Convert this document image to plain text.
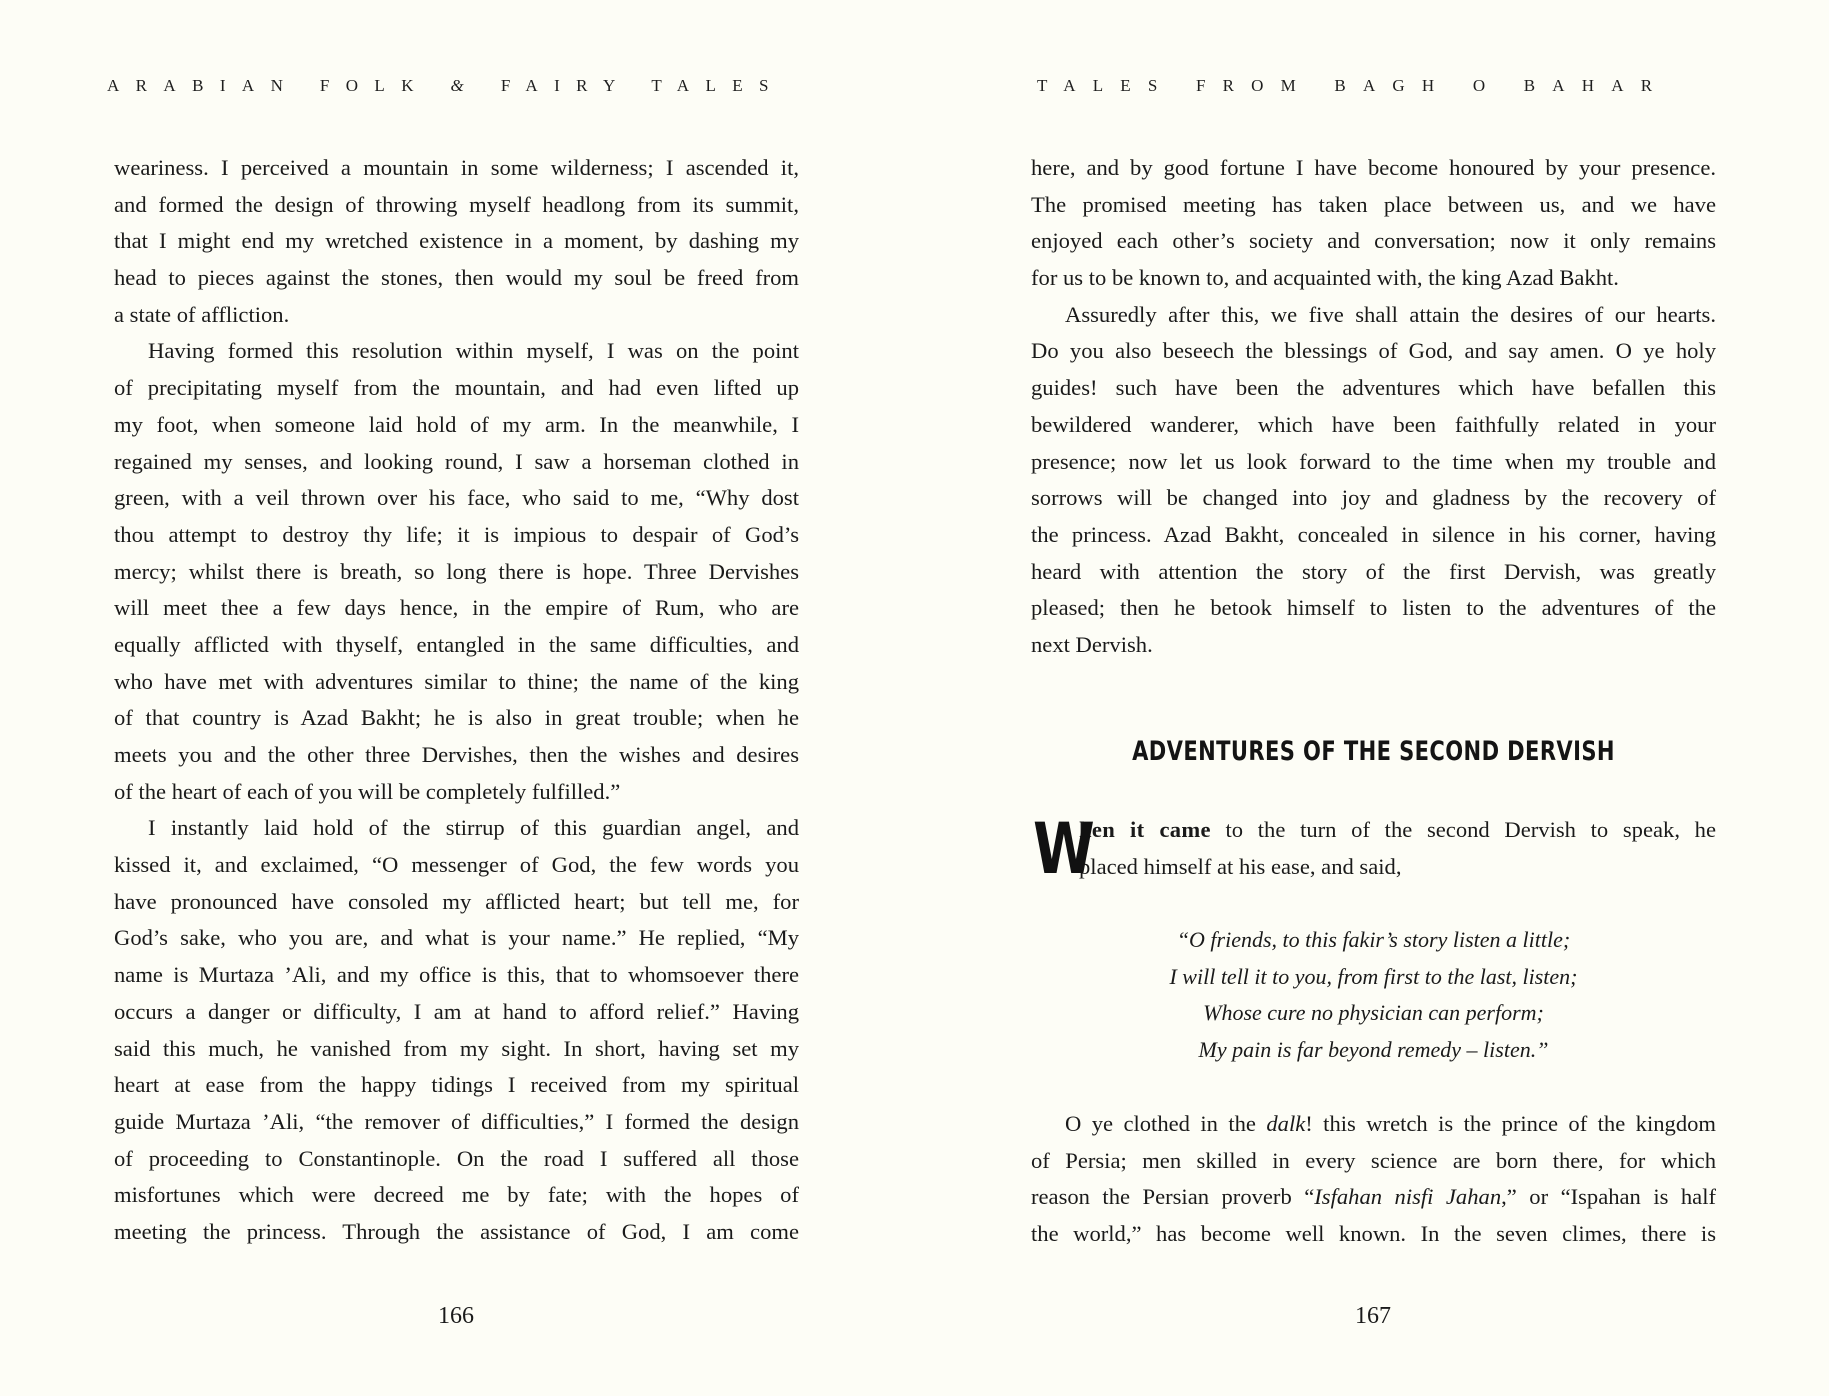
ARABIAN FOLK & FAIRY TALES
weariness. I perceived a mountain in some wilderness; I ascended it,
and formed the design of throwing myself headlong from its summit,
that I might end my wretched existence in a moment, by dashing my
head to pieces against the stones, then would my soul be freed from
a state of affliction.
Having formed this resolution within myself, I was on the point
of precipitating myself from the mountain, and had even lifted up
my foot, when someone laid hold of my arm. In the meanwhile, I
regained my senses, and looking round, I saw a horseman clothed in
green, with a veil thrown over his face, who said to me, “Why dost
thou attempt to destroy thy life; it is impious to despair of God’s
mercy; whilst there is breath, so long there is hope. Three Dervishes
will meet thee a few days hence, in the empire of Rum, who are
equally afflicted with thyself, entangled in the same difficulties, and
who have met with adventures similar to thine; the name of the king
of that country is Azad Bakht; he is also in great trouble; when he
meets you and the other three Dervishes, then the wishes and desires
of the heart of each of you will be completely fulfilled.”
I instantly laid hold of the stirrup of this guardian angel, and
kissed it, and exclaimed, “O messenger of God, the few words you
have pronounced have consoled my afflicted heart; but tell me, for
God’s sake, who you are, and what is your name.” He replied, “My
name is Murtaza ’Ali, and my office is this, that to whomsoever there
occurs a danger or difficulty, I am at hand to afford relief.” Having
said this much, he vanished from my sight. In short, having set my
heart at ease from the happy tidings I received from my spiritual
guide Murtaza ’Ali, “the remover of difficulties,” I formed the design
of proceeding to Constantinople. On the road I suffered all those
misfortunes which were decreed me by fate; with the hopes of
meeting the princess. Through the assistance of God, I am come
166
TALES FROM BAGH O BAHAR
here, and by good fortune I have become honoured by your presence.
The promised meeting has taken place between us, and we have
enjoyed each other’s society and conversation; now it only remains
for us to be known to, and acquainted with, the king Azad Bakht.
Assuredly after this, we five shall attain the desires of our hearts.
Do you also beseech the blessings of God, and say amen. O ye holy
guides! such have been the adventures which have befallen this
bewildered wanderer, which have been faithfully related in your
presence; now let us look forward to the time when my trouble and
sorrows will be changed into joy and gladness by the recovery of
the princess. Azad Bakht, concealed in silence in his corner, having
heard with attention the story of the first Dervish, was greatly
pleased; then he betook himself to listen to the adventures of the
next Dervish.
ADVENTURES OF THE SECOND DERVISH
W
hen it came to the turn of the second Dervish to speak, he
placed himself at his ease, and said,
“O friends, to this fakir’s story listen a little;
I will tell it to you, from first to the last, listen;
Whose cure no physician can perform;
My pain is far beyond remedy – listen.”
O ye clothed in the dalk! this wretch is the prince of the kingdom
of Persia; men skilled in every science are born there, for which
reason the Persian proverb “Isfahan nisfi Jahan,” or “Ispahan is half
the world,” has become well known. In the seven climes, there is
167
